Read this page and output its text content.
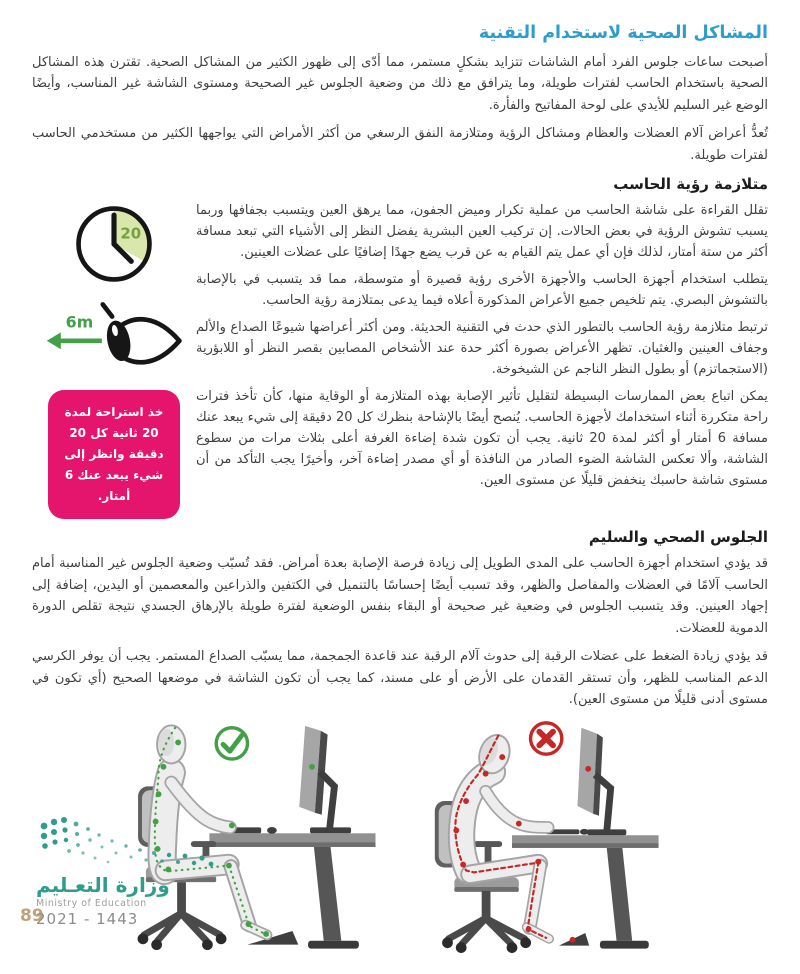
المشاكل الصحية لاستخدام التقنية

أصبحت ساعات جلوس الفرد أمام الشاشات تتزايد بشكلٍ مستمر، مما أدّى إلى ظهور الكثير من المشاكل الصحية. تقترن هذه المشاكل الصحية باستخدام الحاسب لفترات طويلة، وما يترافق مع ذلك من وضعية الجلوس غير الصحيحة ومستوى الشاشة غير المناسب، وأيضًا الوضع غير السليم للأيدي على لوحة المفاتيح والفأرة.

تُعدُّ أعراض آلام العضلات والعظام ومشاكل الرؤية ومتلازمة النفق الرسغي من أكثر الأمراض التي يواجهها الكثير من مستخدمي الحاسب لفترات طويلة.

متلازمة رؤية الحاسب

تقلل القراءة على شاشة الحاسب من عملية تكرار وميض الجفون، مما يرهق العين ويتسبب بجفافها وربما يسبب تشوش الرؤية في بعض الحالات. إن تركيب العين البشرية يفضل النظر إلى الأشياء التي تبعد مسافة أكثر من ستة أمتار، لذلك فإن أي عمل يتم القيام به عن قرب يضع جهدًا إضافيًا على عضلات العينين.

يتطلب استخدام أجهزة الحاسب والأجهزة الأخرى رؤية قصيرة أو متوسطة، مما قد يتسبب في بالإصابة بالتشوش البصري. يتم تلخيص جميع الأعراض المذكورة أعلاه فيما يدعى بمتلازمة رؤية الحاسب.

ترتبط متلازمة رؤية الحاسب بالتطور الذي حدث في التقنية الحديثة. ومن أكثر أعراضها شيوعًا الصداع والألم وجفاف العينين والغثيان. تظهر الأعراض بصورة أكثر حدة عند الأشخاص المصابين بقصر النظر أو اللابؤرية (الاستجماتزم) أو بطول النظر الناجم عن الشيخوخة.

يمكن اتباع بعض الممارسات البسيطة لتقليل تأثير الإصابة بهذه المتلازمة أو الوقاية منها، كأن تأخذ فترات راحة متكررة أثناء استخدامك لأجهزة الحاسب. يُنصح أيضًا بالإشاحة بنظرك كل 20 دقيقة إلى شيء يبعد عنك مسافة 6 أمتار أو أكثر لمدة 20 ثانية. يجب أن تكون شدة إضاءة الغرفة أعلى بثلاث مرات من سطوع الشاشة، وألا تعكس الشاشة الضوء الصادر من النافذة أو أي مصدر إضاءة آخر، وأخيرًا يجب التأكد من أن مستوى شاشة حاسبك ينخفض قليلًا عن مستوى العين.

20
6m
خذ استراحة لمدة 20 ثانية كل 20 دقيقة وانظر إلى شيء يبعد عنك 6 أمتار.
الجلوس الصحي والسليم

قد يؤدي استخدام أجهزة الحاسب على المدى الطويل إلى زيادة فرصة الإصابة بعدة أمراض. فقد تُسبّب وضعية الجلوس غير المناسبة أمام الحاسب آلامًا في العضلات والمفاصل والظهر، وقد تسبب أيضًا إحساسًا بالتنميل في الكتفين والذراعين والمعصمين أو اليدين، إضافة إلى إجهاد العينين. وقد يتسبب الجلوس في وضعية غير صحيحة أو البقاء بنفس الوضعية لفترة طويلة بالإرهاق الجسدي نتيجة تقلص الدورة الدموية للعضلات.

قد يؤدي زيادة الضغط على عضلات الرقبة إلى حدوث آلام الرقبة عند قاعدة الجمجمة، مما يسبّب الصداع المستمر. يجب أن يوفر الكرسي الدعم المناسب للظهر، وأن تستقر القدمان على الأرض أو على مسند، كما يجب أن تكون الشاشة في موضعها الصحيح (أي تكون في مستوى أدنى قليلًا من مستوى العين).

وزارة التعـليم
Ministry of Education
2021 - 1443
89
